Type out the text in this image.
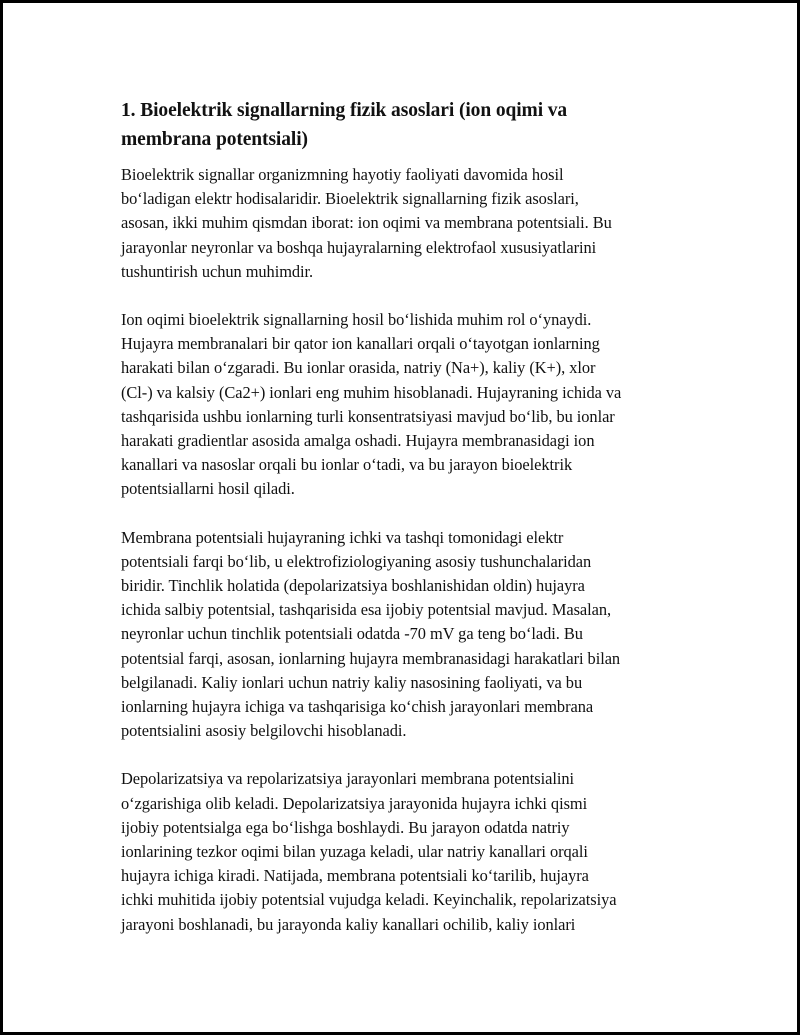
1. Bioelektrik signallarning fizik asoslari (ion oqimi va
membrana potentsiali)

Bioelektrik signallar organizmning hayotiy faoliyati davomida hosil
bo‘ladigan elektr hodisalaridir. Bioelektrik signallarning fizik asoslari,
asosan, ikki muhim qismdan iborat: ion oqimi va membrana potentsiali. Bu
jarayonlar neyronlar va boshqa hujayralarning elektrofaol xususiyatlarini
tushuntirish uchun muhimdir.

Ion oqimi bioelektrik signallarning hosil bo‘lishida muhim rol o‘ynaydi.
Hujayra membranalari bir qator ion kanallari orqali o‘tayotgan ionlarning
harakati bilan o‘zgaradi. Bu ionlar orasida, natriy (Na+), kaliy (K+), xlor
(Cl-) va kalsiy (Ca2+) ionlari eng muhim hisoblanadi. Hujayraning ichida va
tashqarisida ushbu ionlarning turli konsentratsiyasi mavjud bo‘lib, bu ionlar
harakati gradientlar asosida amalga oshadi. Hujayra membranasidagi ion
kanallari va nasoslar orqali bu ionlar o‘tadi, va bu jarayon bioelektrik
potentsiallarni hosil qiladi.

Membrana potentsiali hujayraning ichki va tashqi tomonidagi elektr
potentsiali farqi bo‘lib, u elektrofiziologiyaning asosiy tushunchalaridan
biridir. Tinchlik holatida (depolarizatsiya boshlanishidan oldin) hujayra
ichida salbiy potentsial, tashqarisida esa ijobiy potentsial mavjud. Masalan,
neyronlar uchun tinchlik potentsiali odatda -70 mV ga teng bo‘ladi. Bu
potentsial farqi, asosan, ionlarning hujayra membranasidagi harakatlari bilan
belgilanadi. Kaliy ionlari uchun natriy kaliy nasosining faoliyati, va bu
ionlarning hujayra ichiga va tashqarisiga ko‘chish jarayonlari membrana
potentsialini asosiy belgilovchi hisoblanadi.

Depolarizatsiya va repolarizatsiya jarayonlari membrana potentsialini
o‘zgarishiga olib keladi. Depolarizatsiya jarayonida hujayra ichki qismi
ijobiy potentsialga ega bo‘lishga boshlaydi. Bu jarayon odatda natriy
ionlarining tezkor oqimi bilan yuzaga keladi, ular natriy kanallari orqali
hujayra ichiga kiradi. Natijada, membrana potentsiali ko‘tarilib, hujayra
ichki muhitida ijobiy potentsial vujudga keladi. Keyinchalik, repolarizatsiya
jarayoni boshlanadi, bu jarayonda kaliy kanallari ochilib, kaliy ionlari
